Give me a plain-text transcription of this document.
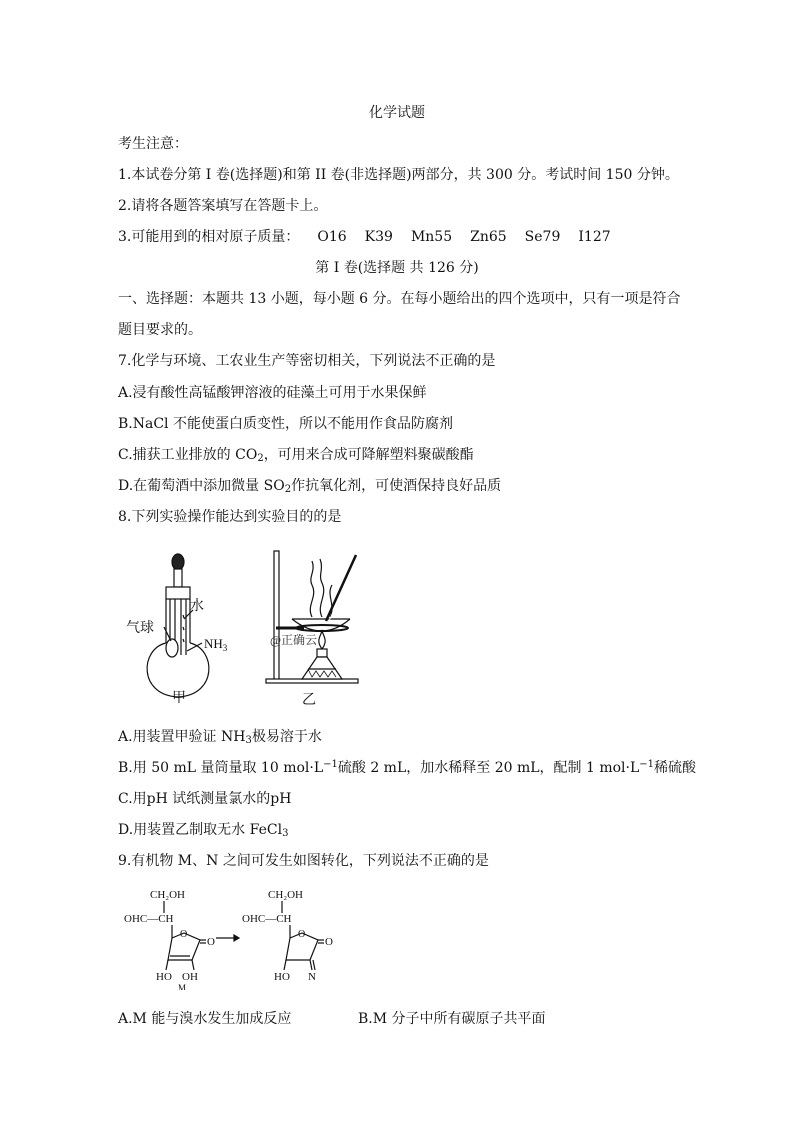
化学试题
考生注意：
1.本试卷分第 I 卷(选择题)和第 II 卷(非选择题)两部分，共 300 分。考试时间 150 分钟。
2.请将各题答案填写在答题卡上。
3.可能用到的相对原子质量： O16 K39 Mn55 Zn65 Se79 I127
第 I 卷(选择题 共 126 分)
一、选择题：本题共 13 小题，每小题 6 分。在每小题给出的四个选项中，只有一项是符合
题目要求的。
7.化学与环境、工农业生产等密切相关，下列说法不正确的是
A.浸有酸性高锰酸钾溶液的硅藻土可用于水果保鲜
B.NaCl 不能使蛋白质变性，所以不能用作食品防腐剂
C.捕获工业排放的 $CO_2$，可用来合成可降解塑料聚碳酸酯
D.在葡萄酒中添加微量 $SO_2$作抗氧化剂，可使酒保持良好品质
8.下列实验操作能达到实验目的的是
气球
水
$NH_3$
甲
@正确云
乙
A.用装置甲验证 $NH_3$极易溶于水
B.用 50 mL 量筒量取 10 $mol\cdot L^{-1}$硫酸 2 mL，加水稀释至 20 mL，配制 1 $mol\cdot L^{-1}$稀硫酸
C.用pH 试纸测量氯水的pH
D.用装置乙制取无水 FeCl$_3$
9.有机物 M、N 之间可发生如图转化，下列说法不正确的是
CH₂OH
OHC—CH
O
O
HO OH
M
CH₂OH
OHC—CH
O
O
HO N
A.M 能与溴水发生加成反应	B.M 分子中所有碳原子共平面
